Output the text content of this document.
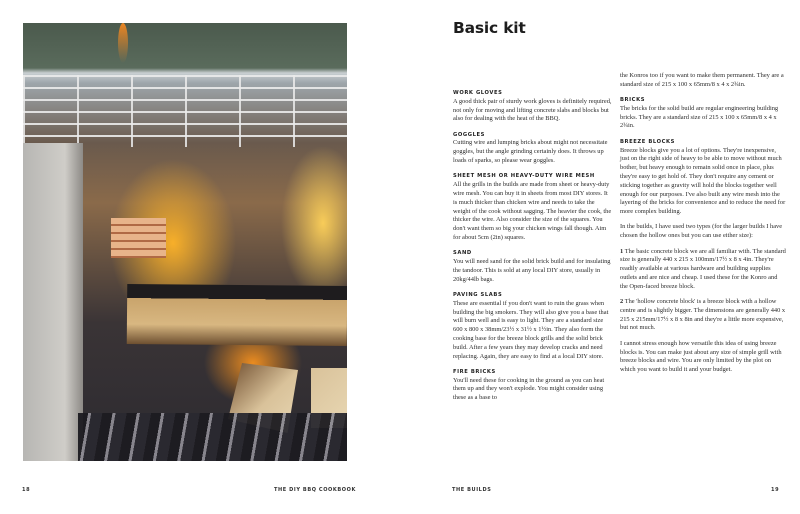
18	THE DIY BBQ COOKBOOK
Basic kit
WORK GLOVES
A good thick pair of sturdy work gloves is definitely required, not only for moving and lifting concrete slabs and blocks but also for dealing with the heat of the BBQ.
GOGGLES
Cutting wire and lumping bricks about might not necessitate goggles, but the angle grinding certainly does. It throws up loads of sparks, so please wear goggles.
SHEET MESH OR HEAVY-DUTY WIRE MESH
All the grills in the builds are made from sheet or heavy-duty wire mesh. You can buy it in sheets from most DIY stores. It is much thicker than chicken wire and needs to take the weight of the cook without sagging. The heavier the cook, the thicker the wire. Also consider the size of the squares. You don't want them so big your chicken wings fall though. Aim for about 5cm (2in) squares.
SAND
You will need sand for the solid brick build and for insulating the tandoor. This is sold at any local DIY store, usually in 20kg/44lb bags.
PAVING SLABS
These are essential if you don't want to ruin the grass when building the big smokers. They will also give you a base that will burn well and is easy to light. They are a standard size 600 x 800 x 38mm/23½ x 31½ x 1½in. They also form the cooking base for the breeze block grills and the solid brick build. After a few years they may develop cracks and need replacing. Again, they are easy to find at a local DIY store.
FIRE BRICKS
You'll need these for cooking in the ground as you can heat them up and they won't explode. You might consider using these as a base to
the Konros too if you want to make them permanent. They are a standard size of 215 x 100 x 65mm/8 x 4 x 2¾in.
BRICKS
The bricks for the solid build are regular engineering building bricks. They are a standard size of 215 x 100 x 65mm/8 x 4 x 2¾in.
BREEZE BLOCKS

Breeze blocks give you a lot of options. They're inexpensive, just on the right side of heavy to be able to move without much bother, but heavy enough to remain solid once in place, plus they're easy to get hold of. They don't require any cement or sticking together as gravity will hold the blocks together well enough for our purposes. I've also built any wire mesh into the layering of the bricks for convenience and to reduce the need for more complex building.

In the builds, I have used two types (for the larger builds I have chosen the hollow ones but you can use either size):

1 The basic concrete block we are all familiar with. The standard size is generally 440 x 215 x 100mm/17½ x 8 x 4in. They're readily available at various hardware and building supplies outlets and are nice and cheap. I used these for the Konro and the Open-faced breeze block.

2 The 'hollow concrete block' is a breeze block with a hollow centre and is slightly bigger. The dimensions are generally 440 x 215 x 215mm/17½ x 8 x 8in and they're a little more expensive, but not much.

I cannot stress enough how versatile this idea of using breeze blocks is. You can make just about any size of simple grill with breeze blocks and wire. You are only limited by the plot on which you want to build it and your budget.

THE BUILDS	19
